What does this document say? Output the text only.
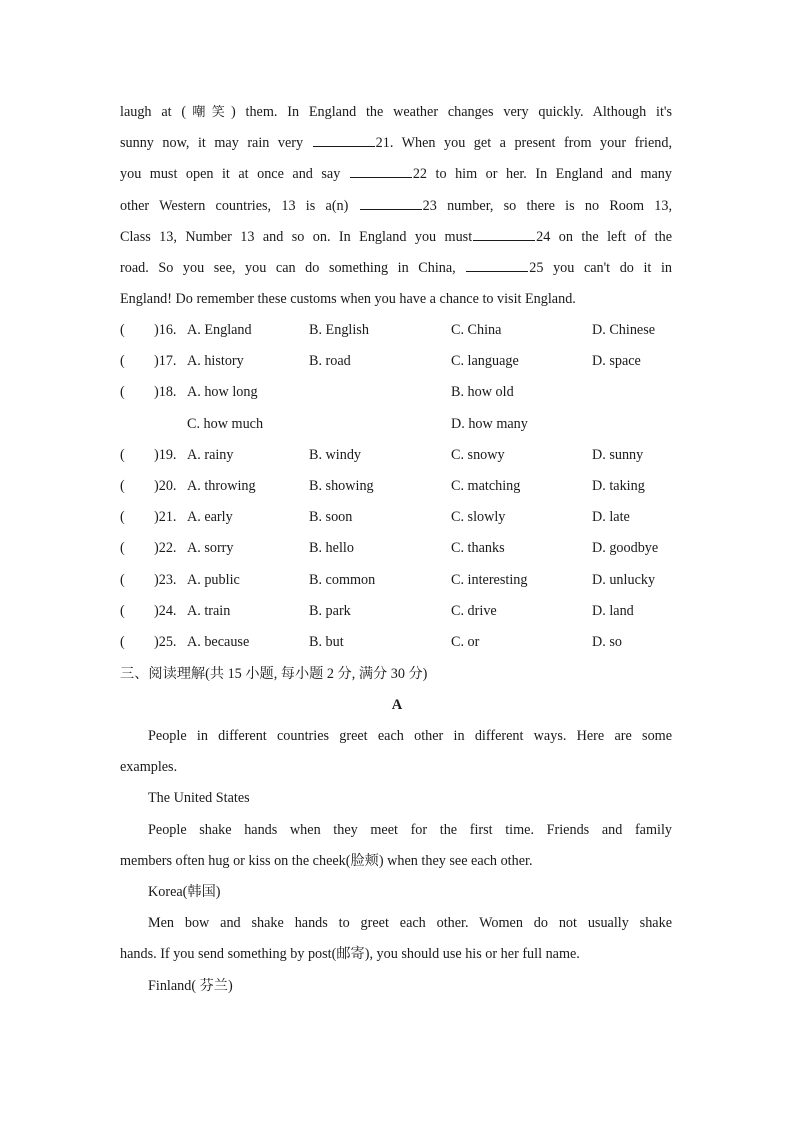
laugh at (嘲笑) them. In England the weather changes very quickly. Although it's
sunny now, it may rain very	21. When you get a present from your friend,
you must open it at once and say	22 to him or her. In England and many
other Western countries, 13 is a(n)	23 number, so there is no Room 13,
Class 13, Number 13 and so on. In England you must	24 on the left of the
road. So you see, you can do something in China,	25 you can't do it in
England! Do remember these customs when you have a chance to visit England.
( )16. A. England	B. English	C. China	D. Chinese
( )17. A. history	B. road	C. language	D. space
( )18. A. how long	B. how old
C. how much	D. how many
( )19. A. rainy	B. windy	C. snowy	D. sunny
( )20. A. throwing	B. showing	C. matching	D. taking
( )21. A. early	B. soon	C. slowly	D. late
( )22. A. sorry	B. hello	C. thanks	D. goodbye
( )23. A. public	B. common	C. interesting	D. unlucky
( )24. A. train	B. park	C. drive	D. land
( )25. A. because	B. but	C. or	D. so
三、阅读理解(共 15 小题, 每小题 2 分, 满分 30 分)
A
People in different countries greet each other in different ways. Here are some
examples.
The United States
People shake hands when they meet for the first time. Friends and family
members often hug or kiss on the cheek(脸颊) when they see each other.
Korea(韩国)
Men bow and shake hands to greet each other. Women do not usually shake
hands. If you send something by post(邮寄), you should use his or her full name.
Finland( 芬兰)
